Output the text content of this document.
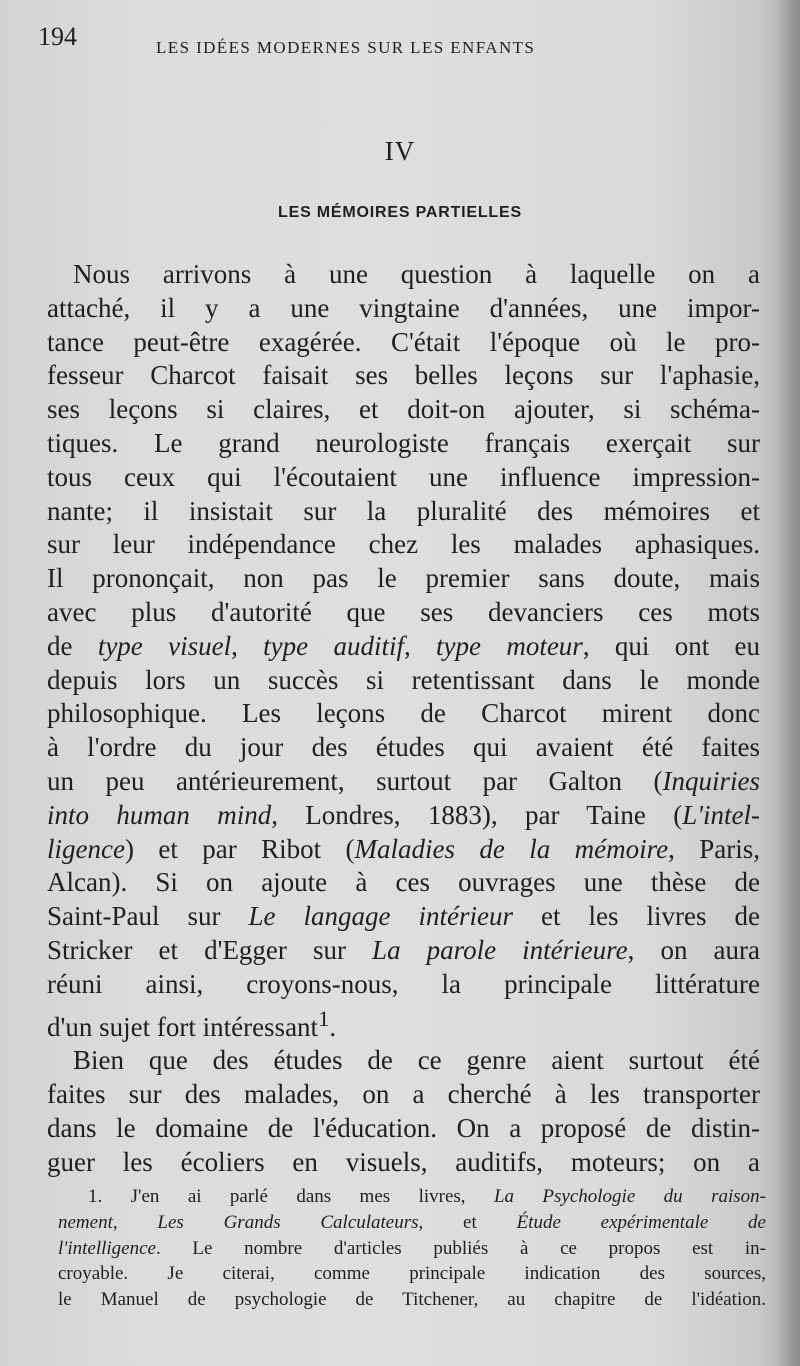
194	LES IDÉES MODERNES SUR LES ENFANTS
IV
LES MÉMOIRES PARTIELLES
Nous arrivons à une question à laquelle on a
attaché, il y a une vingtaine d'années, une impor-
tance peut-être exagérée. C'était l'époque où le pro-
fesseur Charcot faisait ses belles leçons sur l'aphasie,
ses leçons si claires, et doit-on ajouter, si schéma-
tiques. Le grand neurologiste français exerçait sur
tous ceux qui l'écoutaient une influence impression-
nante; il insistait sur la pluralité des mémoires et
sur leur indépendance chez les malades aphasiques.
Il prononçait, non pas le premier sans doute, mais
avec plus d'autorité que ses devanciers ces mots
de type visuel, type auditif, type moteur, qui ont eu
depuis lors un succès si retentissant dans le monde
philosophique. Les leçons de Charcot mirent donc
à l'ordre du jour des études qui avaient été faites
un peu antérieurement, surtout par Galton (Inquiries
into human mind, Londres, 1883), par Taine (L'intel-
ligence) et par Ribot (Maladies de la mémoire, Paris,
Alcan). Si on ajoute à ces ouvrages une thèse de
Saint-Paul sur Le langage intérieur et les livres de
Stricker et d'Egger sur La parole intérieure, on aura
réuni ainsi, croyons-nous, la principale littérature
d'un sujet fort intéressant$^1$.
Bien que des études de ce genre aient surtout été
faites sur des malades, on a cherché à les transporter
dans le domaine de l'éducation. On a proposé de distin-
guer les écoliers en visuels, auditifs, moteurs; on a
1. J'en ai parlé dans mes livres, La Psychologie du raison-
nement, Les Grands Calculateurs, et Étude expérimentale de
l'intelligence. Le nombre d'articles publiés à ce propos est in-
croyable. Je citerai, comme principale indication des sources,
le Manuel de psychologie de Titchener, au chapitre de l'idéation.
